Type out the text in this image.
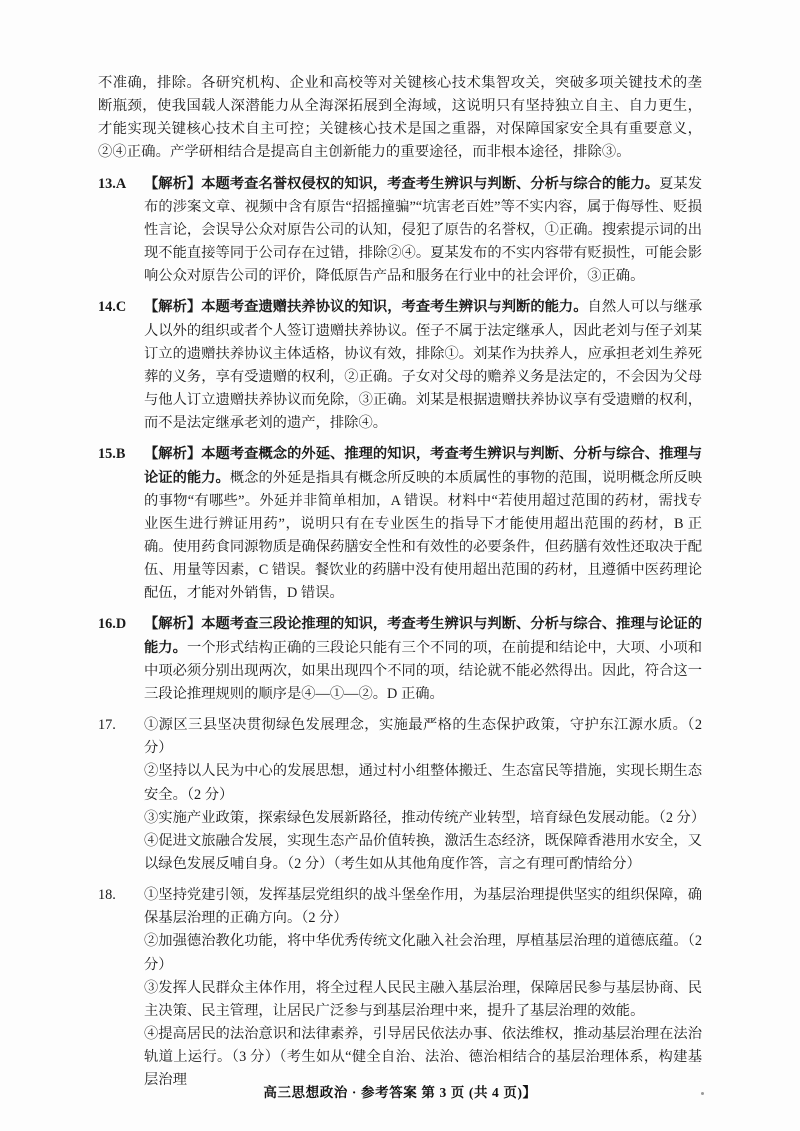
不准确，排除。各研究机构、企业和高校等对关键核心技术集智攻关，突破多项关键技术的垄断瓶颈，使我国载人深潜能力从全海深拓展到全海域，这说明只有坚持独立自主、自力更生，才能实现关键核心技术自主可控；关键核心技术是国之重器，对保障国家安全具有重要意义，②④正确。产学研相结合是提高自主创新能力的重要途径，而非根本途径，排除③。

13.A	【解析】本题考查名誉权侵权的知识，考查考生辨识与判断、分析与综合的能力。夏某发布的涉案文章、视频中含有原告“招摇撞骗”“坑害老百姓”等不实内容，属于侮辱性、贬损性言论，会误导公众对原告公司的认知，侵犯了原告的名誉权，①正确。搜索提示词的出现不能直接等同于公司存在过错，排除②④。夏某发布的不实内容带有贬损性，可能会影响公众对原告公司的评价，降低原告产品和服务在行业中的社会评价，③正确。
14.C	【解析】本题考查遗赠扶养协议的知识，考查考生辨识与判断的能力。自然人可以与继承人以外的组织或者个人签订遗赠扶养协议。侄子不属于法定继承人，因此老刘与侄子刘某订立的遗赠扶养协议主体适格，协议有效，排除①。刘某作为扶养人，应承担老刘生养死葬的义务，享有受遗赠的权利，②正确。子女对父母的赡养义务是法定的，不会因为父母与他人订立遗赠扶养协议而免除，③正确。刘某是根据遗赠扶养协议享有受遗赠的权利，而不是法定继承老刘的遗产，排除④。
15.B	【解析】本题考查概念的外延、推理的知识，考查考生辨识与判断、分析与综合、推理与论证的能力。概念的外延是指具有概念所反映的本质属性的事物的范围，说明概念所反映的事物“有哪些”。外延并非简单相加，A 错误。材料中“若使用超过范围的药材，需找专业医生进行辨证用药”，说明只有在专业医生的指导下才能使用超出范围的药材，B 正确。使用药食同源物质是确保药膳安全性和有效性的必要条件，但药膳有效性还取决于配伍、用量等因素，C 错误。餐饮业的药膳中没有使用超出范围的药材，且遵循中医药理论配伍，才能对外销售，D 错误。
16.D	【解析】本题考查三段论推理的知识，考查考生辨识与判断、分析与综合、推理与论证的能力。一个形式结构正确的三段论只能有三个不同的项，在前提和结论中，大项、小项和中项必须分别出现两次，如果出现四个不同的项，结论就不能必然得出。因此，符合这一三段论推理规则的顺序是④—①—②。D 正确。
17.	①源区三县坚决贯彻绿色发展理念，实施最严格的生态保护政策，守护东江源水质。（2 分）
②坚持以人民为中心的发展思想，通过村小组整体搬迁、生态富民等措施，实现长期生态安全。（2 分）
③实施产业政策，探索绿色发展新路径，推动传统产业转型，培育绿色发展动能。（2 分）
④促进文旅融合发展，实现生态产品价值转换，激活生态经济，既保障香港用水安全，又以绿色发展反哺自身。（2 分）（考生如从其他角度作答，言之有理可酌情给分）
18.	①坚持党建引领，发挥基层党组织的战斗堡垒作用，为基层治理提供坚实的组织保障，确保基层治理的正确方向。（2 分）
②加强德治教化功能，将中华优秀传统文化融入社会治理，厚植基层治理的道德底蕴。（2 分）
③发挥人民群众主体作用，将全过程人民民主融入基层治理，保障居民参与基层协商、民主决策、民主管理，让居民广泛参与到基层治理中来，提升了基层治理的效能。
④提高居民的法治意识和法律素养，引导居民依法办事、依法维权，推动基层治理在法治轨道上运行。（3 分）（考生如从“健全自治、法治、德治相结合的基层治理体系，构建基层治理
高三思想政治 · 参考答案 第 3 页 (共 4 页)】
